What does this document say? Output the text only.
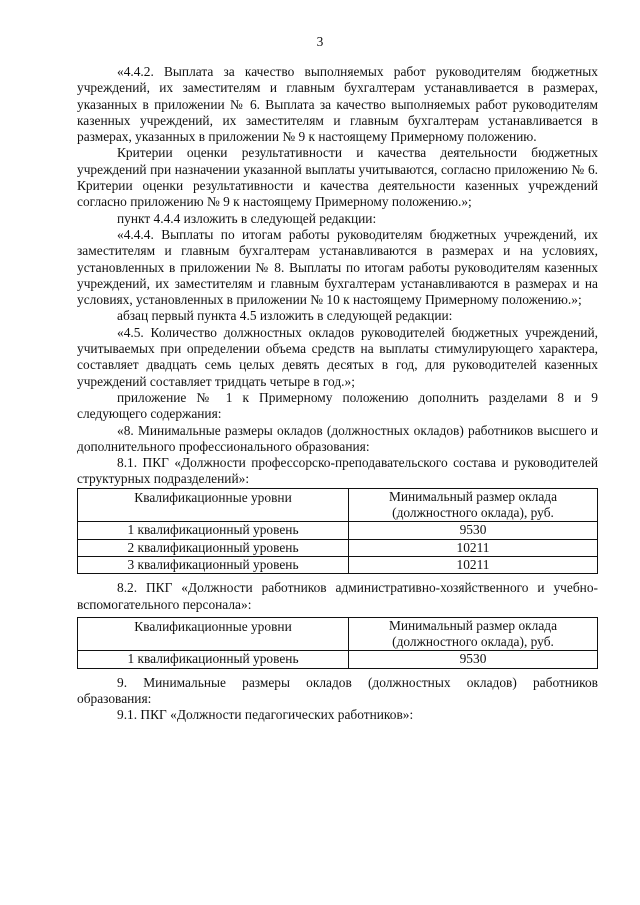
3

«4.4.2. Выплата за качество выполняемых работ руководителям бюджетных учреждений, их заместителям и главным бухгалтерам устанавливается в размерах, указанных в приложении № 6. Выплата за качество выполняемых работ руководителям казенных учреждений, их заместителям и главным бухгалтерам устанавливается в размерах, указанных в приложении № 9 к настоящему Примерному положению.

Критерии оценки результативности и качества деятельности бюджетных учреждений при назначении указанной выплаты учитываются, согласно приложению № 6. Критерии оценки результативности и качества деятельности казенных учреждений согласно приложению № 9 к настоящему Примерному положению.»;

пункт 4.4.4 изложить в следующей редакции:

«4.4.4. Выплаты по итогам работы руководителям бюджетных учреждений, их заместителям и главным бухгалтерам устанавливаются в размерах и на условиях, установленных в приложении № 8. Выплаты по итогам работы руководителям казенных учреждений, их заместителям и главным бухгалтерам устанавливаются в размерах и на условиях, установленных в приложении № 10 к настоящему Примерному положению.»;

абзац первый пункта 4.5 изложить в следующей редакции:

«4.5. Количество должностных окладов руководителей бюджетных учреждений, учитываемых при определении объема средств на выплаты стимулирующего характера, составляет двадцать семь целых девять десятых в год, для руководителей казенных учреждений составляет тридцать четыре в год.»;

приложение № 1 к Примерному положению дополнить разделами 8 и 9 следующего содержания:

«8. Минимальные размеры окладов (должностных окладов) работников высшего и дополнительного профессионального образования:

8.1. ПКГ «Должности профессорско-преподавательского состава и руководителей структурных подразделений»:

Квалификационные уровни	Минимальный размер оклада (должностного оклада), руб.
1 квалификационный уровень	9530
2 квалификационный уровень	10211
3 квалификационный уровень	10211

8.2. ПКГ «Должности работников административно-хозяйственного и учебно-вспомогательного персонала»:

Квалификационные уровни	Минимальный размер оклада (должностного оклада), руб.
1 квалификационный уровень	9530

9. Минимальные размеры окладов (должностных окладов) работников образования:

9.1. ПКГ «Должности педагогических работников»:
